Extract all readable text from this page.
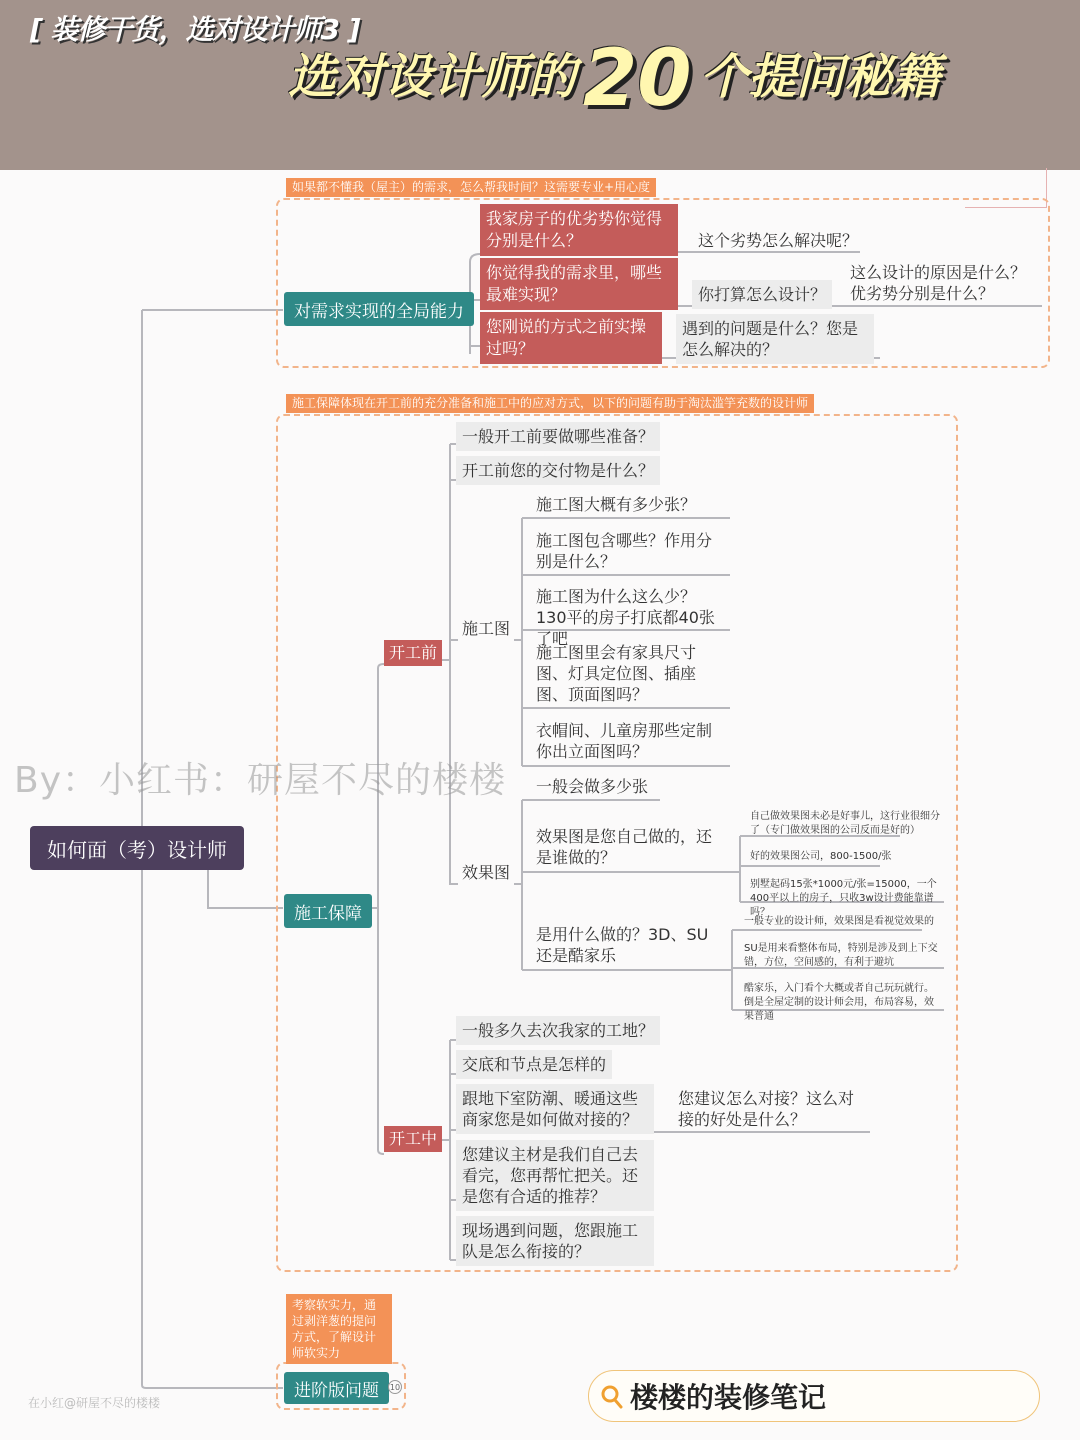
[ 装修干货，选对设计师3 ]
选对设计师的 20 个提问秘籍
如何面（考）设计师
如果都不懂我（屋主）的需求，怎么帮我时间？这需要专业+用心度
对需求实现的全局能力
我家房子的优劣势你觉得分别是什么？	这个劣势怎么解决呢？
你觉得我的需求里，哪些最难实现？	你打算怎么设计？
这么设计的原因是什么？优劣势分别是什么？
您刚说的方式之前实操过吗？
遇到的问题是什么？您是怎么解决的？
施工保障体现在开工前的充分准备和施工中的应对方式，以下的问题有助于淘汰滥竽充数的设计师
施工保障
开工前
一般开工前要做哪些准备？
开工前您的交付物是什么？
施工图
施工图大概有多少张？
施工图包含哪些？作用分别是什么？
施工图为什么这么少？130平的房子打底都40张了吧
施工图里会有家具尺寸图、灯具定位图、插座图、顶面图吗？
衣帽间、儿童房那些定制你出立面图吗？
效果图
一般会做多少张
效果图是您自己做的，还是谁做的？
自己做效果图未必是好事儿，这行业很细分了（专门做效果图的公司反而是好的）
好的效果图公司，800-1500/张
别墅起码15张*1000元/张=15000，一个400平以上的房子，只收3w设计费能靠谱吗？
是用什么做的？3D、SU还是酷家乐
一般专业的设计师，效果图是看视觉效果的
SU是用来看整体布局，特别是涉及到上下交错，方位，空间感的，有利于避坑
酷家乐，入门看个大概或者自己玩玩就行。倒是全屋定制的设计师会用，布局容易，效果普通
开工中
一般多久去次我家的工地？
交底和节点是怎样的
跟地下室防潮、暖通这些商家您是如何做对接的？
您建议主材是我们自己去看完，您再帮忙把关。还是您有合适的推荐？
现场遇到问题，您跟施工队是怎么衔接的？
您建议怎么对接？这么对接的好处是什么？
考察软实力，通过剥洋葱的提问方式，了解设计师软实力
进阶版问题	10
By：小红书：研屋不尽的楼楼
在小红@研屋不尽的楼楼	楼楼的装修笔记
